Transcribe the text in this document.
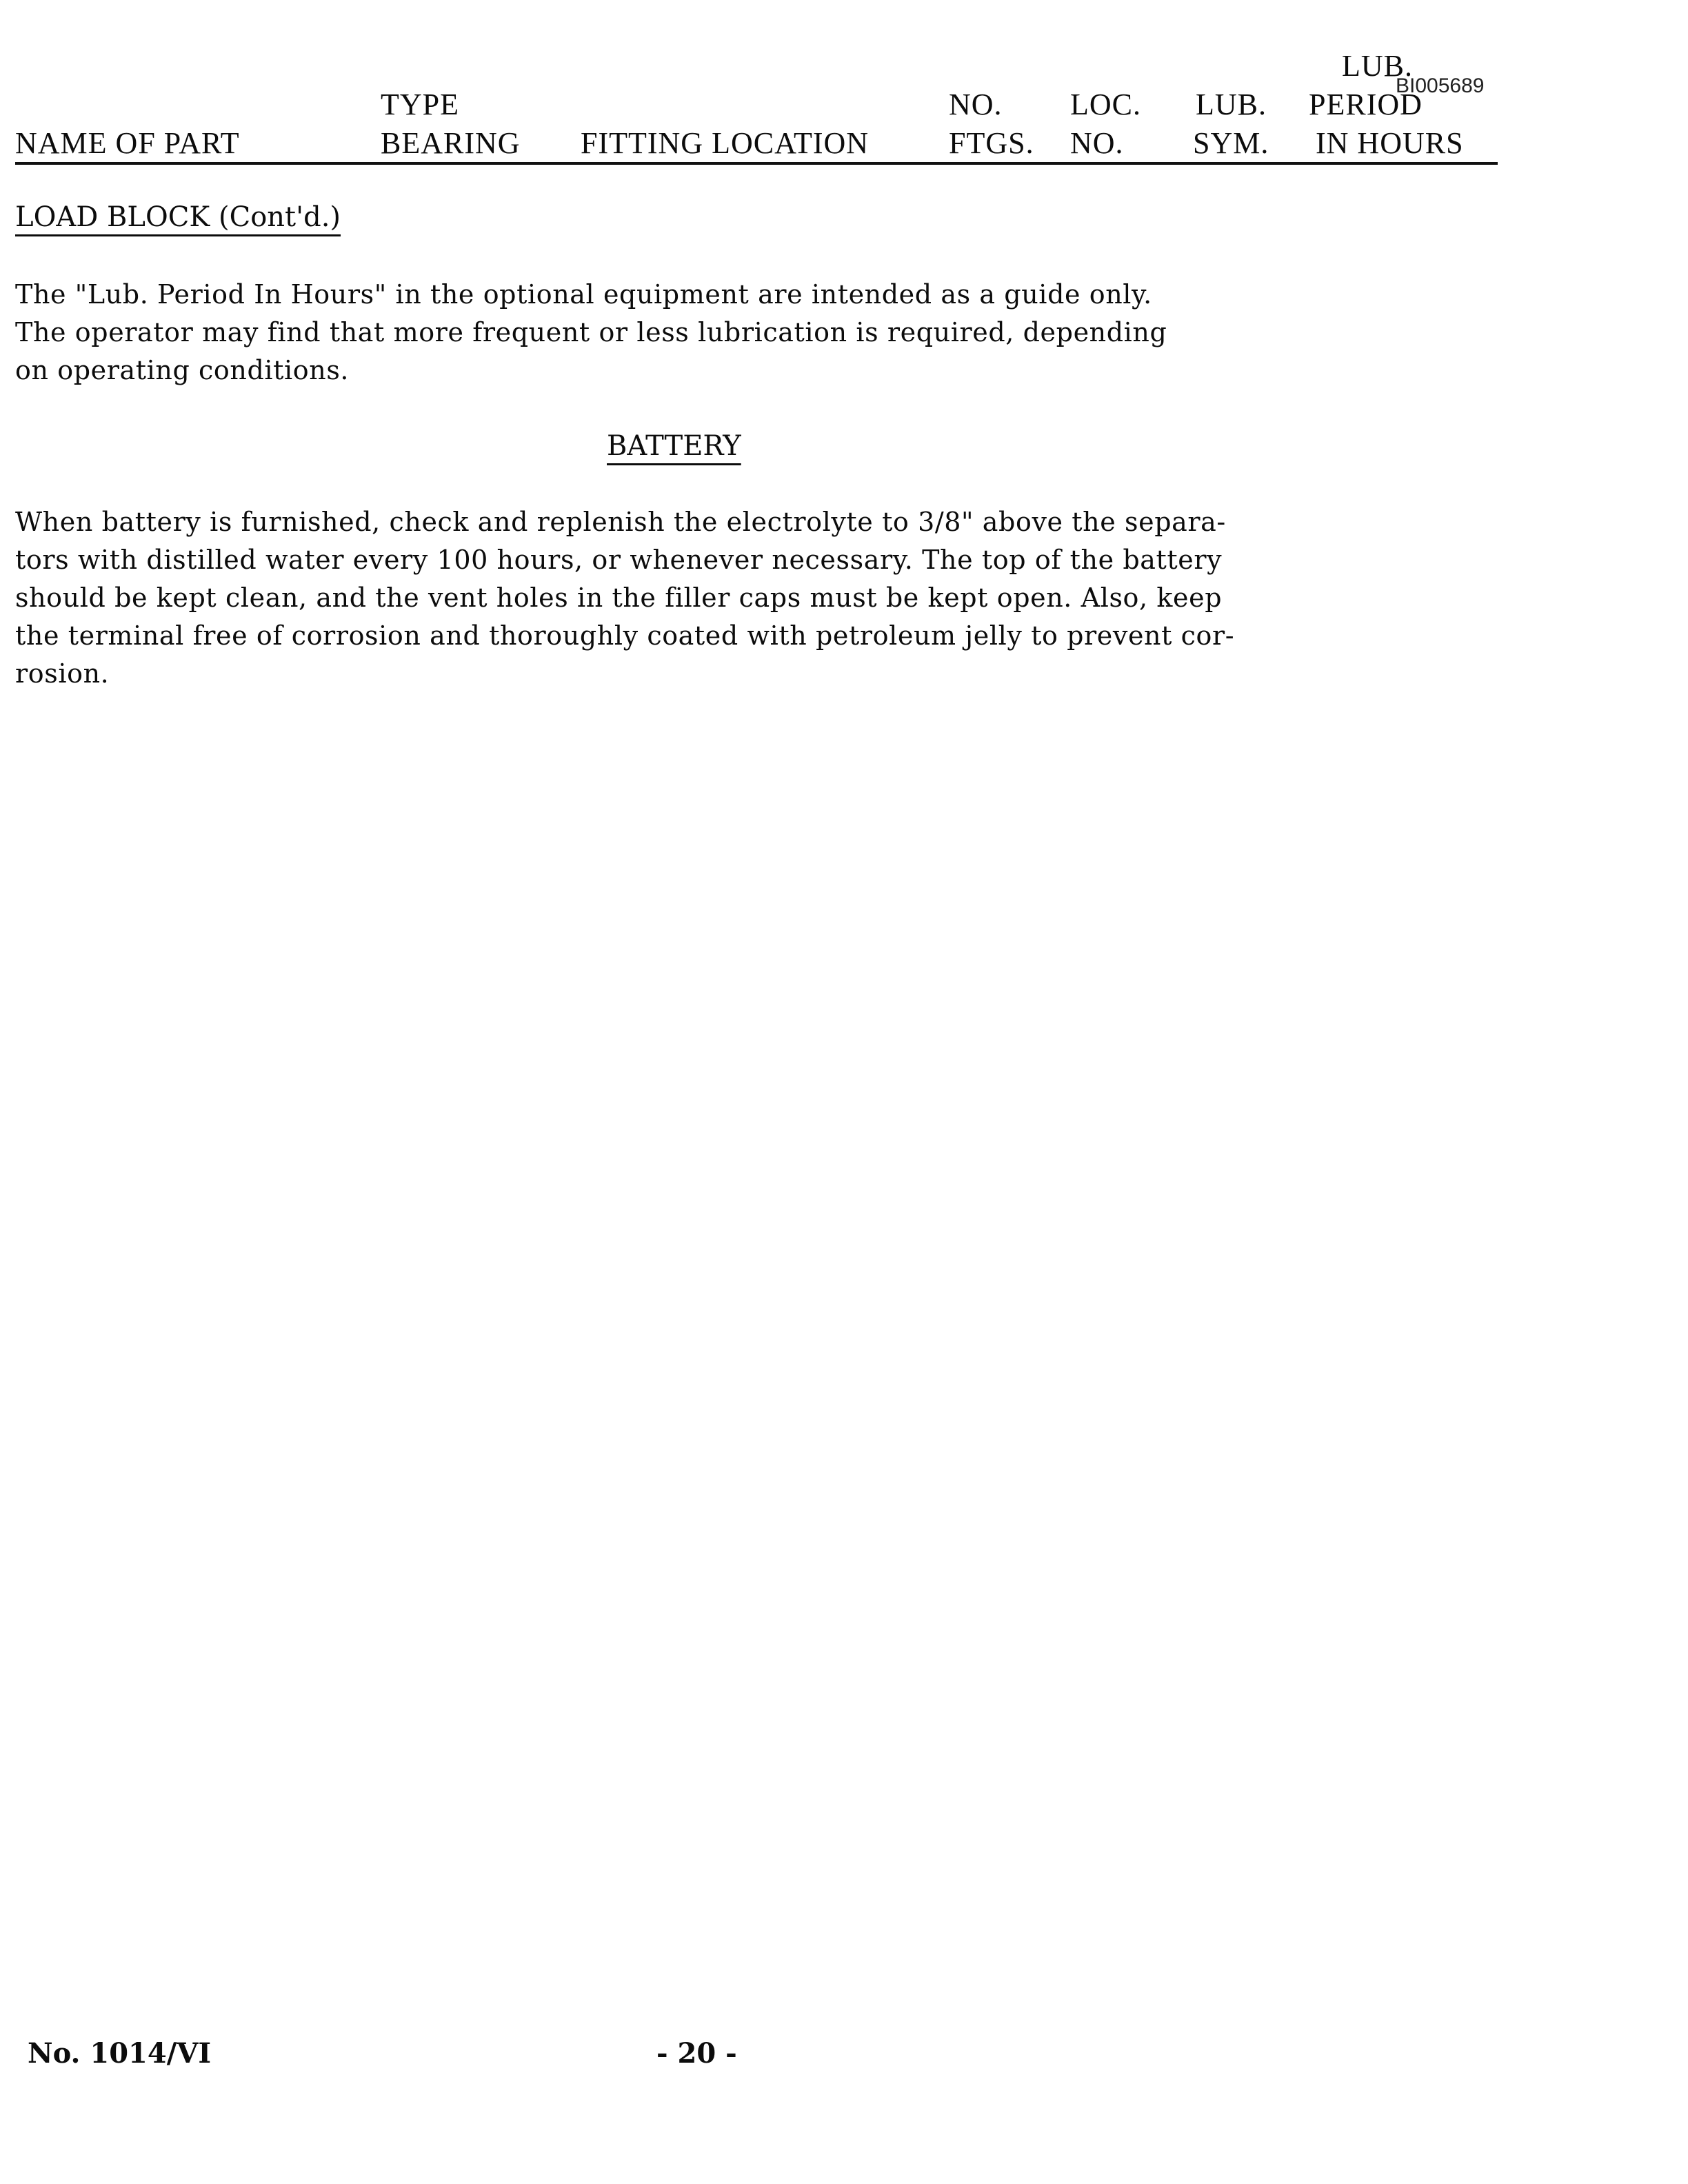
NAME OF PART
TYPE
BEARING FITTING LOCATION
NO.
FTGS.
LOC.
NO.
LUB.
SYM.
LUB.
PERIOD
IN HOURS
BI005689
LOAD BLOCK (Cont'd.)
The "Lub. Period In Hours" in the optional equipment are intended as a guide only.
The operator may find that more frequent or less lubrication is required, depending
on operating conditions.
BATTERY
When battery is furnished, check and replenish the electrolyte to 3/8" above the separa-
tors with distilled water every 100 hours, or whenever necessary. The top of the battery
should be kept clean, and the vent holes in the filler caps must be kept open. Also, keep
the terminal free of corrosion and thoroughly coated with petroleum jelly to prevent cor-
rosion.
No. 1014/VI	- 20 -
